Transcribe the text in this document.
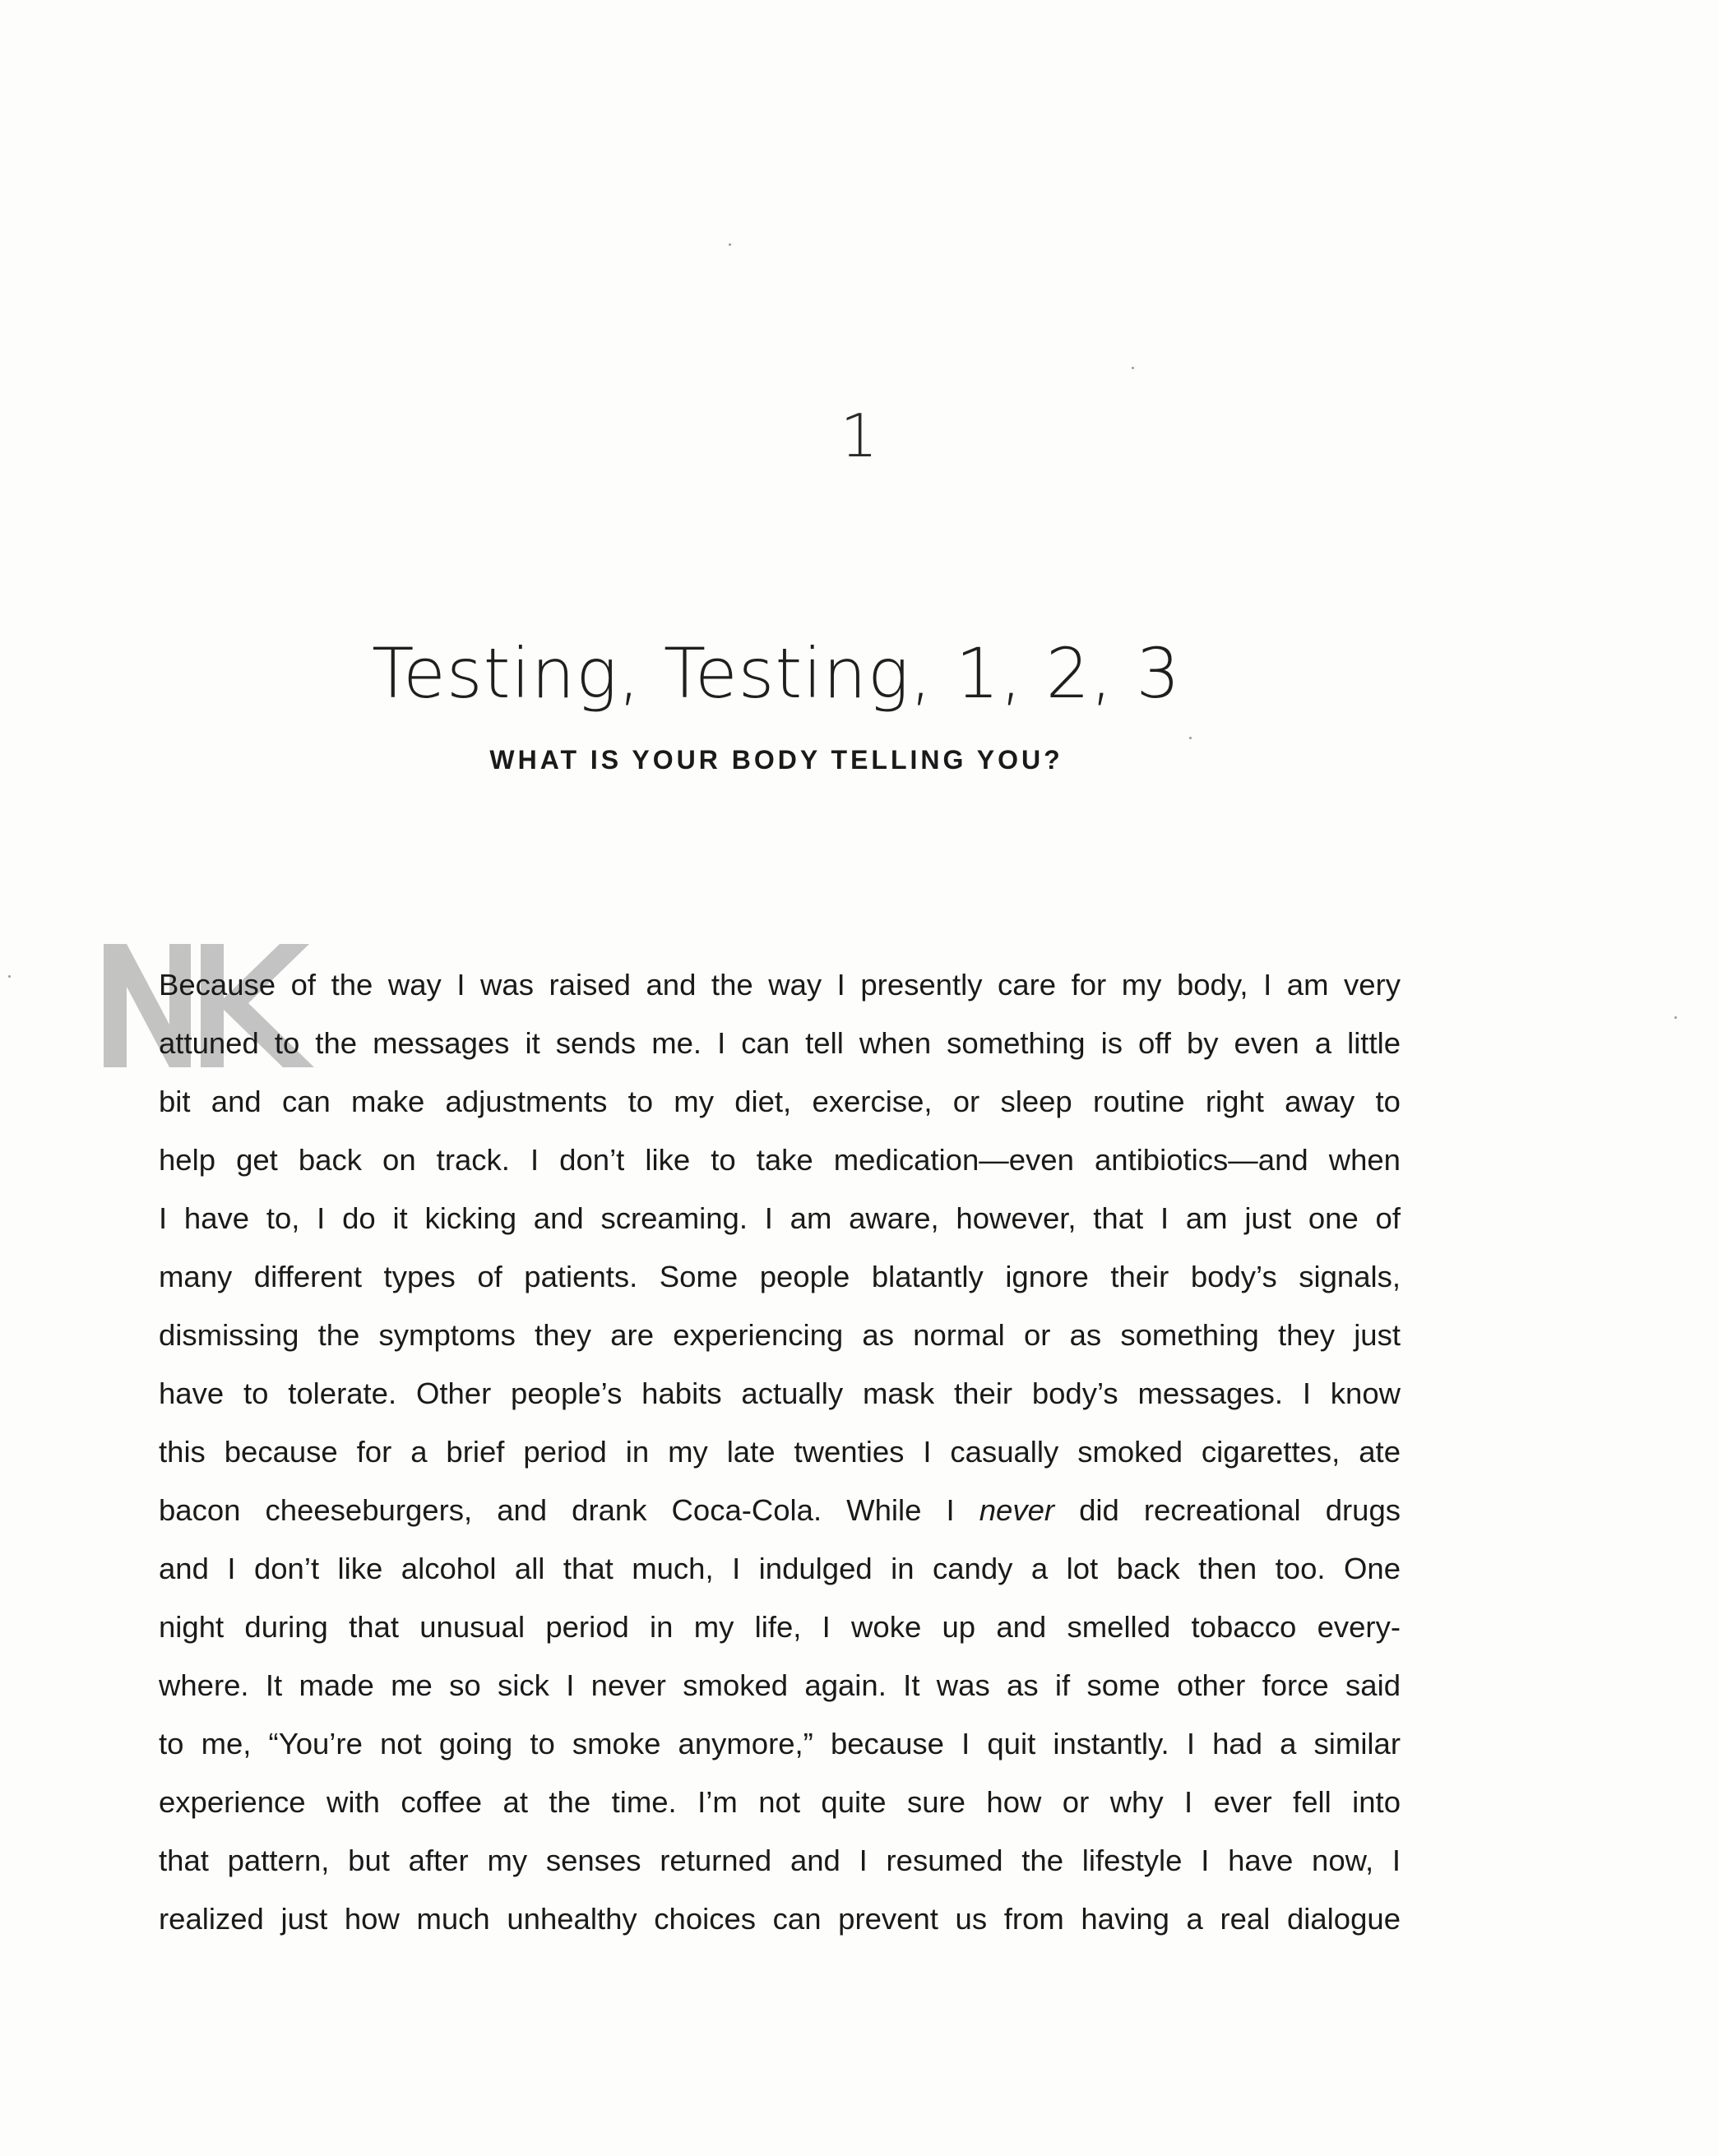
1
Testing, Testing, 1, 2, 3
WHAT IS YOUR BODY TELLING YOU?
Because of the way I was raised and the way I presently care for my body, I am very
attuned to the messages it sends me. I can tell when something is off by even a little
bit and can make adjustments to my diet, exercise, or sleep routine right away to
help get back on track. I don’t like to take medication—even antibiotics—and when
I have to, I do it kicking and screaming. I am aware, however, that I am just one of
many different types of patients. Some people blatantly ignore their body’s signals,
dismissing the symptoms they are experiencing as normal or as something they just
have to tolerate. Other people’s habits actually mask their body’s messages. I know
this because for a brief period in my late twenties I casually smoked cigarettes, ate
bacon cheeseburgers, and drank Coca-Cola. While I never did recreational drugs
and I don’t like alcohol all that much, I indulged in candy a lot back then too. One
night during that unusual period in my life, I woke up and smelled tobacco every-
where. It made me so sick I never smoked again. It was as if some other force said
to me, “You’re not going to smoke anymore,” because I quit instantly. I had a similar
experience with coffee at the time. I’m not quite sure how or why I ever fell into
that pattern, but after my senses returned and I resumed the lifestyle I have now, I
realized just how much unhealthy choices can prevent us from having a real dialogue
